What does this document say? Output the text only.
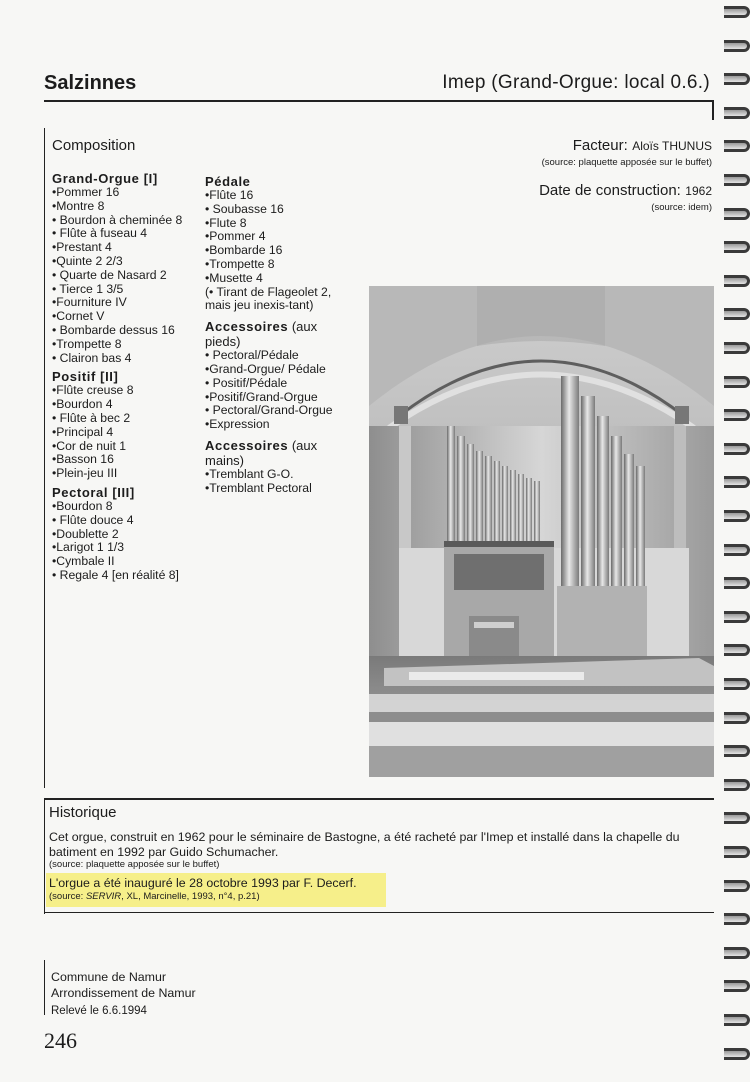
Salzinnes	Imep (Grand-Orgue: local 0.6.)
Composition
Grand-Orgue [I]
•Pommer 16
•Montre 8
• Bourdon à cheminée 8
• Flûte à fuseau 4
•Prestant 4
•Quinte 2 2/3
• Quarte de Nasard 2
• Tierce 1 3/5
•Fourniture IV
•Cornet V
• Bombarde dessus 16
•Trompette 8
• Clairon bas 4
Positif [II]
•Flûte creuse 8
•Bourdon 4
• Flûte à bec 2
•Principal 4
•Cor de nuit 1
•Basson 16
•Plein-jeu III
Pectoral [III]
•Bourdon 8
• Flûte douce 4
•Doublette 2
•Larigot 1 1/3
•Cymbale II
• Regale 4 [en réalité 8]
Pédale
•Flûte 16
• Soubasse 16
•Flute 8
•Pommer 4
•Bombarde 16
•Trompette 8
•Musette 4
(• Tirant de Flageolet 2, mais jeu inexis-tant)
Accessoires (aux pieds)
• Pectoral/Pédale
•Grand-Orgue/ Pédale
• Positif/Pédale
•Positif/Grand-Orgue
• Pectoral/Grand-Orgue
•Expression
Accessoires (aux mains)
•Tremblant G-O.
•Tremblant Pectoral
Facteur: Aloïs THUNUS
(source: plaquette apposée sur le buffet)
Date de construction: 1962
(source: idem)
Historique
Cet orgue, construit en 1962 pour le séminaire de Bastogne, a été racheté par l'Imep et installé dans la chapelle du batiment en 1992 par Guido Schumacher.
(source: plaquette apposée sur le buffet)
L'orgue a été inauguré le 28 octobre 1993 par F. Decerf.
(source: SERVIR, XL, Marcinelle, 1993, n°4, p.21)
Commune de Namur
Arrondissement de Namur
Relevé le 6.6.1994
246
